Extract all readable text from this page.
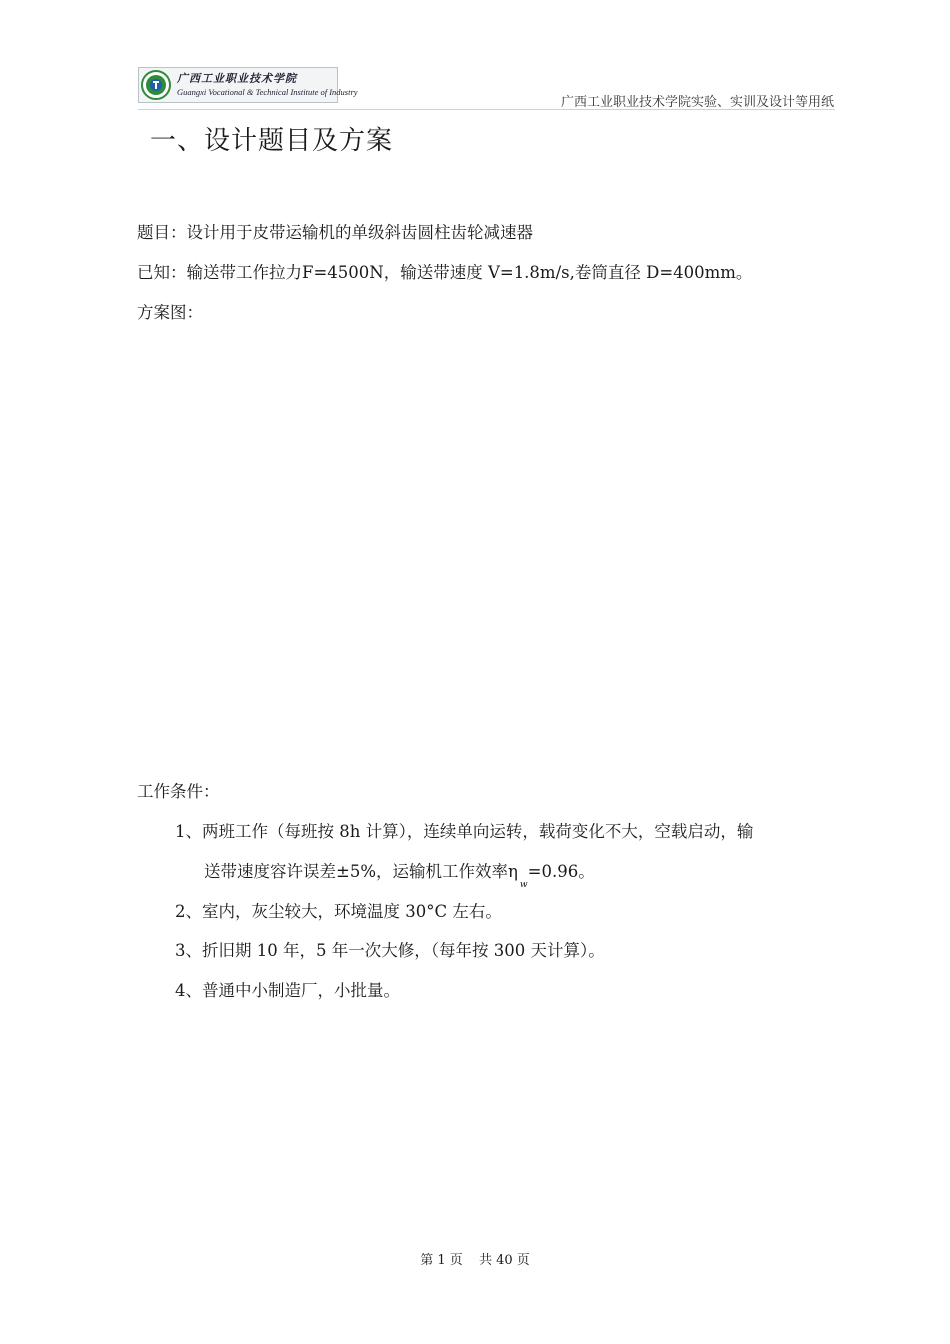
广西工业职业技术学院
Guangxi Vocational & Technical Institute of Industry
广西工业职业技术学院实验、实训及设计等用纸
一、设计题目及方案
题目：设计用于皮带运输机的单级斜齿圆柱齿轮减速器
已知：输送带工作拉力F=4500N，输送带速度 V=1.8m/s,卷筒直径 D=400mm。
方案图：
工作条件：
1、两班工作（每班按 8h 计算），连续单向运转，载荷变化不大，空载启动，输
送带速度容许误差±5%，运输机工作效率$\eta_w=0.96$。
2、室内，灰尘较大，环境温度 30°C 左右。
3、折旧期 10 年，5 年一次大修，（每年按 300 天计算）。
4、普通中小制造厂，小批量。
第 1 页 共 40 页
